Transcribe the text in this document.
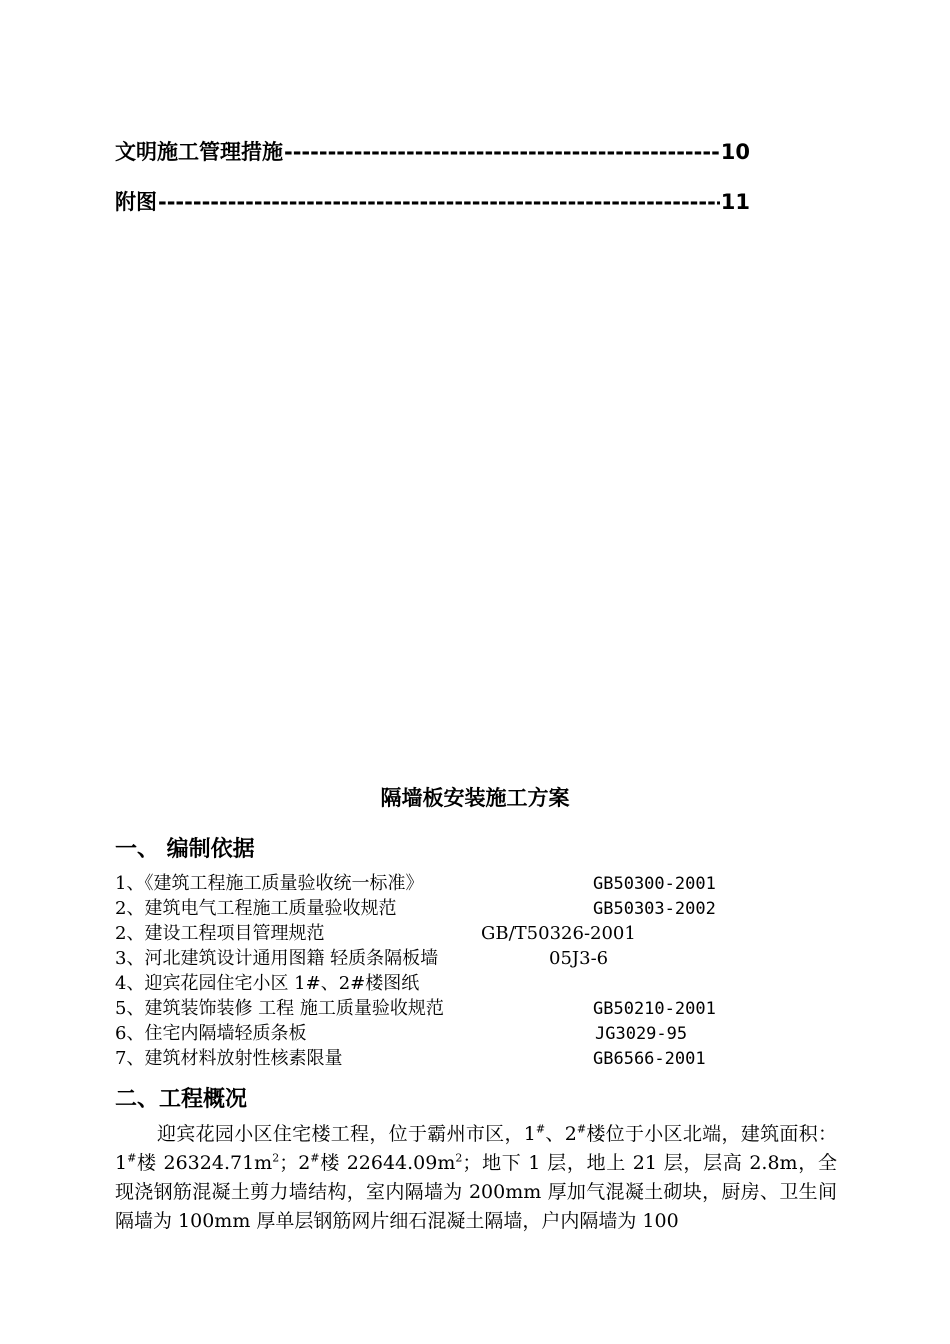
文明施工管理措施 -----	10
附图 -----	11
隔墙板安装施工方案
一、 编制依据
1、《建筑工程施工质量验收统一标准》	GB50300-2001
2、建筑电气工程施工质量验收规范	GB50303-2002
2、建设工程项目管理规范	GB/T50326-2001
3、河北建筑设计通用图籍 轻质条隔板墙	05J3-6
4、迎宾花园住宅小区 1#、2#楼图纸
5、建筑装饰装修 工程 施工质量验收规范	GB50210-2001
6、住宅内隔墙轻质条板	JG3029-95
7、建筑材料放射性核素限量	GB6566-2001
二、工程概况

迎宾花园小区住宅楼工程，位于霸州市区，1#、2#楼位于小区北端，建筑面积：1#楼 $26324.71m^2$；2#楼 $22644.09m^2$；地下 1 层，地上 21 层，层高 2.8m，全现浇钢筋混凝土剪力墙结构，室内隔墙为 200mm 厚加气混凝土砌块，厨房、卫生间隔墙为 100mm 厚单层钢筋网片细石混凝土隔墙，户内隔墙为 100
